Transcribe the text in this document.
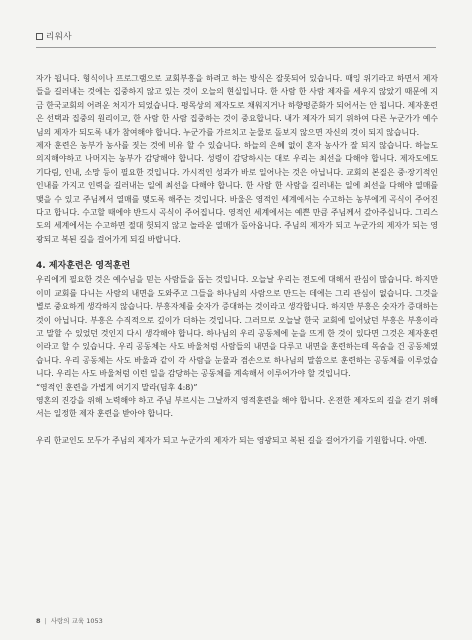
리워사

자가 됩니다. 형식이나 프로그램으로 교회부흥을 하려고 하는 방식은 잘못되어 있습니다. 때잉 위기라고 하면서 제자들을 길러내는 것에는 집중하지 않고 있는 것이 오늘의 현실입니다. 한 사람 한 사람 제자를 세우지 않았기 때문에 지금 한국교회의 어려운 처지가 되었습니다. 평목상의 제자도로 채워지거나 하향평준화가 되어서는 안 됩니다. 제자훈련은 선택과 집중의 원리이고, 한 사람 한 사람 집중하는 것이 중요합니다. 내가 제자가 되기 위하여 다른 누군가가 예수님의 제자가 되도록 내가 참여해야 합니다. 누군가를 가르치고 눈물로 돌보지 않으면 자신의 것이 되지 않습니다.

제자 훈련은 농부가 농사를 짓는 것에 비유 할 수 있습니다. 하늘의 은혜 없이 혼자 농사가 잘 되지 않습니다. 하늘도 의지해야하고 나머지는 농부가 감당해야 합니다. 성령이 감당하시는 대로 우리는 최선을 다해야 합니다. 제자도에도 기다림, 인내, 소망 등이 필요한 것입니다. 가시적인 성과가 바로 일어나는 것은 아닙니다. 교회의 본질은 중·장기적인 인내를 가지고 인력을 길러내는 일에 최선을 다해야 합니다. 한 사람 한 사람을 길러내는 일에 최선을 다해야 열매를 맺을 수 있고 주님께서 열매를 맺도록 해주는 것입니다. 바울은 영적인 세계에서는 수고하는 농부에게 곡식이 주어진다고 합니다. 수고할 때에야 반드시 곡식이 주어집니다. 영적인 세계에서는 예쁜 만큼 주님께서 갚아주십니다. 그리스도의 세계에서는 수고하면 절대 헛되지 않고 놀라운 열매가 돌아옵니다. 주님의 제자가 되고 누군가의 제자가 되는 영광되고 복된 길을 걸어가게 되길 바랍니다.

4. 제자훈련은 영적훈련

우리에게 필요한 것은 예수님을 믿는 사람들을 돕는 것입니다. 오늘날 우리는 전도에 대해서 관심이 많습니다. 하지만 이미 교회를 다니는 사람의 내면을 도와주고 그들을 하나님의 사람으로 만드는 데에는 그리 관심이 없습니다. 그것을 별로 중요하게 생각하지 않습니다. 부흥자체를 숫자가 증대하는 것이라고 생각합니다. 하지만 부흥은 숫자가 증대하는 것이 아닙니다. 부흥은 수직적으로 깊이가 더하는 것입니다. 그러므로 오늘날 한국 교회에 일어났던 부흥은 부흥이라고 말할 수 있었던 것인지 다시 생각해야 합니다. 하나님의 우리 공동체에 눈을 뜨게 한 것이 있다면 그것은 제자훈련이라고 할 수 있습니다. 우리 공동체는 사도 바울처럼 사람들의 내면을 다루고 내면을 훈련하는데 목숨을 건 공동체였습니다. 우리 공동체는 사도 바울과 같이 각 사람을 눈물과 겸손으로 하나님의 말씀으로 훈련하는 공동체를 이루었습니다. 우리는 사도 바울처럼 이런 일을 감당하는 공동체를 계속해서 이루어가야 할 것입니다.

“영적인 훈련을 가볍게 여기지 말라(딤후 4:8)”

영혼의 진강을 위해 노력해야 하고 주님 부르시는 그날까지 영적훈련을 해야 합니다. 온전한 제자도의 길을 걷기 위해서는 일정한 제자 훈련을 받아야 합니다.

우리 한교인도 모두가 주님의 제자가 되고 누군가의 제자가 되는 영광되고 복된 길을 걸어가기를 기원합니다. 아멘.

8 | 사랑의 교육 1053
